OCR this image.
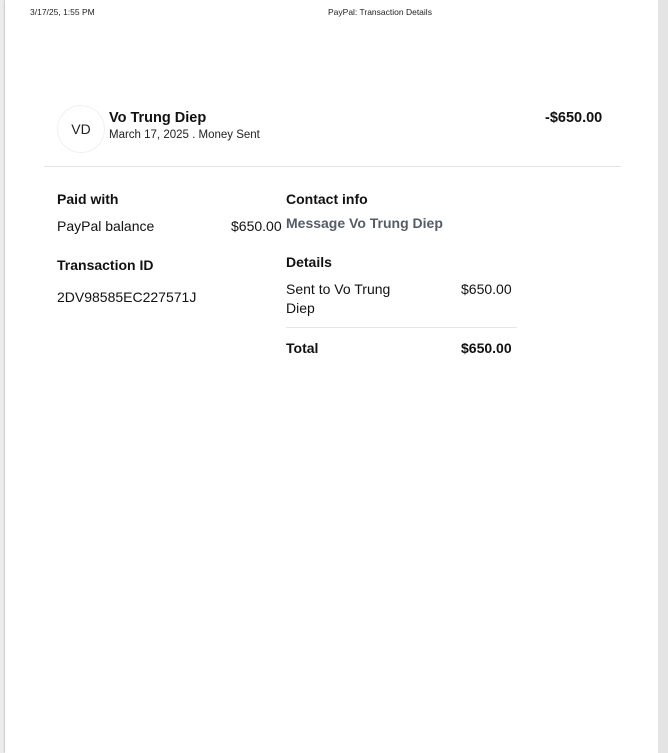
3/17/25, 1:55 PM	PayPal: Transaction Details
VD
Vo Trung Diep
March 17, 2025 . Money Sent
-$650.00
Paid with
PayPal balance	$650.00
Contact info
Message Vo Trung Diep
Transaction ID
2DV98585EC227571J
Details
Sent to Vo Trung
Diep
$650.00
Total	$650.00
